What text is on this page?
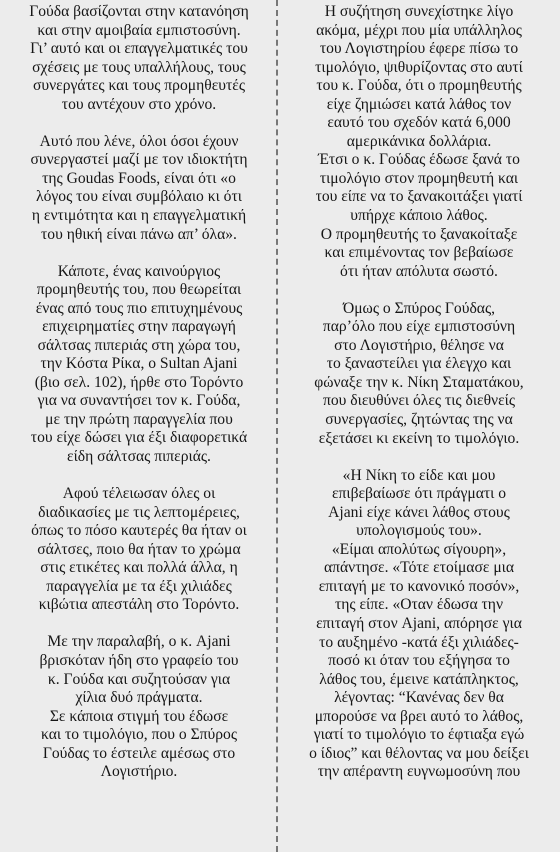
Γούδα βασίζονται στην κατανόηση
και στην αμοιβαία εμπιστοσύνη.
Γι’ αυτό και οι επαγγελματικές του
σχέσεις με τους υπαλλήλους, τους
συνεργάτες και τους προμηθευτές
του αντέχουν στο χρόνο.

Αυτό που λένε, όλοι όσοι έχουν
συνεργαστεί μαζί με τον ιδιοκτήτη
της Goudas Foods, είναι ότι «ο
λόγος του είναι συμβόλαιο κι ότι
η εντιμότητα και η επαγγελματική
του ηθική είναι πάνω απ’ όλα».

Κάποτε, ένας καινούργιος
προμηθευτής του, που θεωρείται
ένας από τους πιο επιτυχημένους
επιχειρηματίες στην παραγωγή
σάλτσας πιπεριάς στη χώρα του,
την Κόστα Ρίκα, ο Sultan Ajani
(βιο σελ. 102), ήρθε στο Τορόντο
για να συναντήσει τον κ. Γούδα,
με την πρώτη παραγγελία που
του είχε δώσει για έξι διαφορετικά
είδη σάλτσας πιπεριάς.

Αφού τέλειωσαν όλες οι
διαδικασίες με τις λεπτομέρειες,
όπως το πόσο καυτερές θα ήταν οι
σάλτσες, ποιο θα ήταν το χρώμα
στις ετικέτες και πολλά άλλα, η
παραγγελία με τα έξι χιλιάδες
κιβώτια απεστάλη στο Τορόντο.

Με την παραλαβή, ο κ. Ajani
βρισκόταν ήδη στο γραφείο του
κ. Γούδα και συζητούσαν για
χίλια δυό πράγματα.
Σε κάποια στιγμή του έδωσε
και το τιμολόγιο, που ο Σπύρος
Γούδας το έστειλε αμέσως στο
Λογιστήριο.

Η συζήτηση συνεχίστηκε λίγο
ακόμα, μέχρι που μία υπάλληλος
του Λογιστηρίου έφερε πίσω το
τιμολόγιο, ψιθυρίζοντας στο αυτί
του κ. Γούδα, ότι ο προμηθευτής
είχε ζημιώσει κατά λάθος τον
εαυτό του σχεδόν κατά 6,000
αμερικάνικα δολλάρια.
Έτσι ο κ. Γούδας έδωσε ξανά το
τιμολόγιο στον προμηθευτή και
του είπε να το ξανακοιτάξει γιατί
υπήρχε κάποιο λάθος.
Ο προμηθευτής το ξανακοίταξε
και επιμένοντας τον βεβαίωσε
ότι ήταν απόλυτα σωστό.

Όμως ο Σπύρος Γούδας,
παρ’όλο που είχε εμπιστοσύνη
στο Λογιστήριο, θέλησε να
το ξαναστείλει για έλεγχο και
φώναξε την κ. Νίκη Σταματάκου,
που διευθύνει όλες τις διεθνείς
συνεργασίες, ζητώντας της να
εξετάσει κι εκείνη το τιμολόγιο.

«Η Νίκη το είδε και μου
επιβεβαίωσε ότι πράγματι ο
Ajani είχε κάνει λάθος στους
υπολογισμούς του».
«Είμαι απολύτως σίγουρη»,
απάντησε. «Τότε ετοίμασε μια
επιταγή με το κανονικό ποσόν»,
της είπε. «Οταν έδωσα την
επιταγή στον Ajani, απόρησε για
το αυξημένο -κατά έξι χιλιάδες-
ποσό κι όταν του εξήγησα το
λάθος του, έμεινε κατάπληκτος,
λέγοντας: “Κανένας δεν θα
μπορούσε να βρει αυτό το λάθος,
γιατί το τιμολόγιο το έφτιαξα εγώ
ο ίδιος” και θέλοντας να μου δείξει
την απέραντη ευγνωμοσύνη που
